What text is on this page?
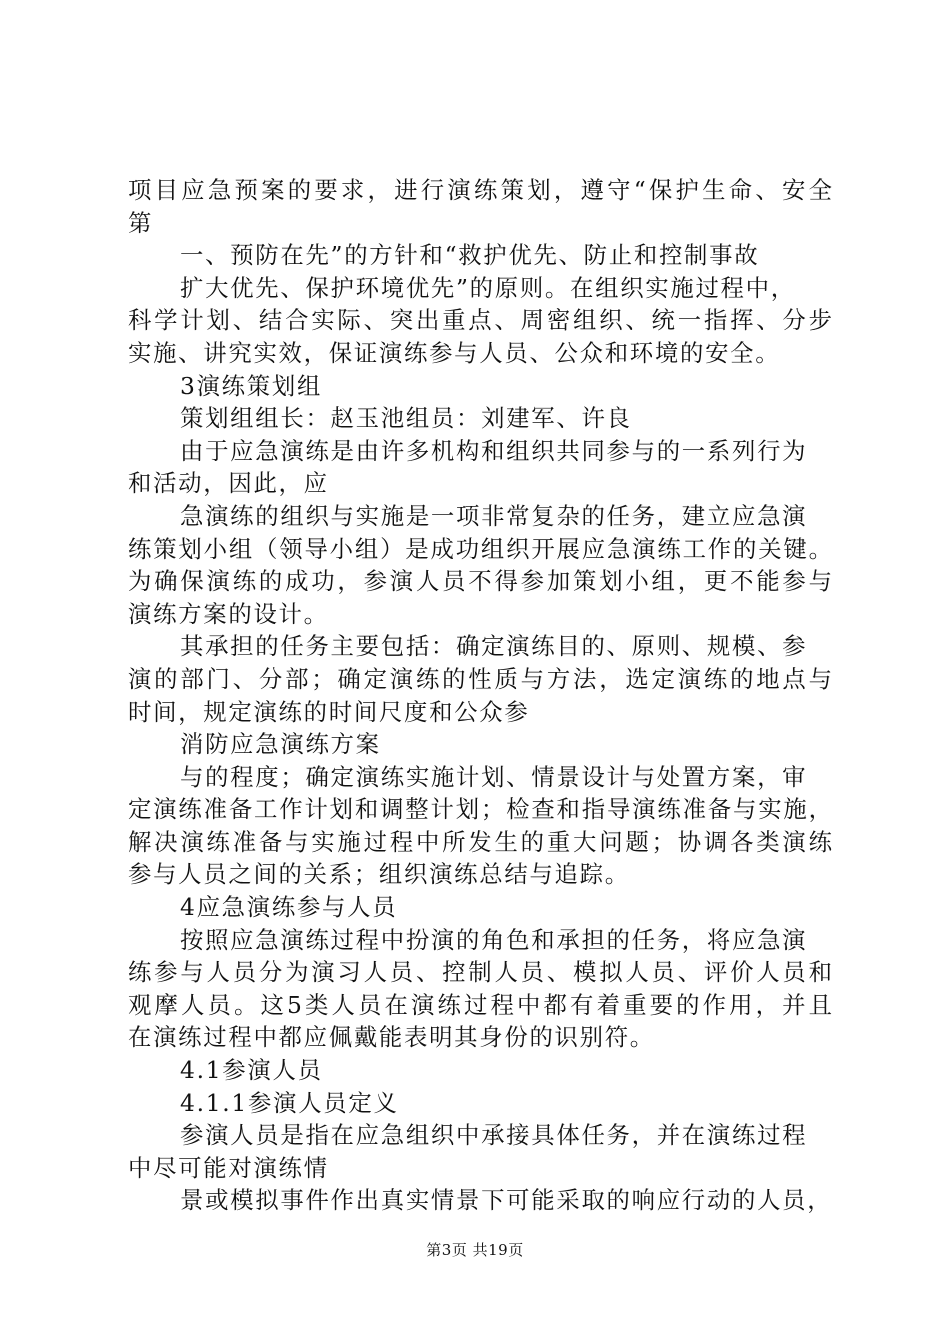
项目应急预案的要求，进行演练策划，遵守“保护生命、安全
第
一、预防在先”的方针和“救护优先、防止和控制事故
扩大优先、保护环境优先”的原则。在组织实施过程中，
科学计划、结合实际、突出重点、周密组织、统一指挥、分步
实施、讲究实效，保证演练参与人员、公众和环境的安全。
3演练策划组
策划组组长：赵玉池组员：刘建军、许良
由于应急演练是由许多机构和组织共同参与的一系列行为
和活动，因此，应
急演练的组织与实施是一项非常复杂的任务，建立应急演
练策划小组（领导小组）是成功组织开展应急演练工作的关键。
为确保演练的成功，参演人员不得参加策划小组，更不能参与
演练方案的设计。
其承担的任务主要包括：确定演练目的、原则、规模、参
演的部门、分部；确定演练的性质与方法，选定演练的地点与
时间，规定演练的时间尺度和公众参
消防应急演练方案
与的程度；确定演练实施计划、情景设计与处置方案，审
定演练准备工作计划和调整计划；检查和指导演练准备与实施，
解决演练准备与实施过程中所发生的重大问题；协调各类演练
参与人员之间的关系；组织演练总结与追踪。
4应急演练参与人员
按照应急演练过程中扮演的角色和承担的任务，将应急演
练参与人员分为演习人员、控制人员、模拟人员、评价人员和
观摩人员。这5类人员在演练过程中都有着重要的作用，并且
在演练过程中都应佩戴能表明其身份的识别符。
4.1参演人员
4.1.1参演人员定义
参演人员是指在应急组织中承接具体任务，并在演练过程
中尽可能对演练情
景或模拟事件作出真实情景下可能采取的响应行动的人员，
第3页 共19页
